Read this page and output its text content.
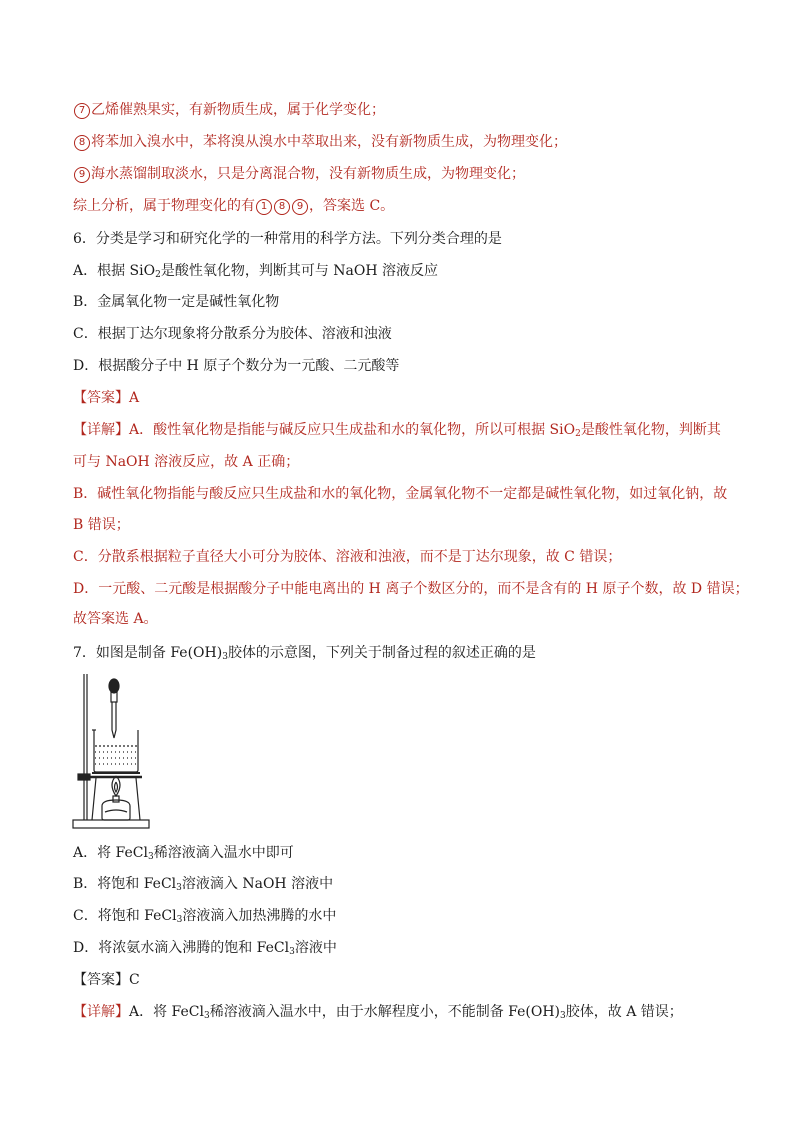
7 乙烯催熟果实，有新物质生成，属于化学变化；
8 将苯加入溴水中，苯将溴从溴水中萃取出来，没有新物质生成，为物理变化；
9 海水蒸馏制取淡水，只是分离混合物，没有新物质生成，为物理变化；
综上分析，属于物理变化的有 1 8 9 ，答案选 C。
6．分类是学习和研究化学的一种常用的科学方法。下列分类合理的是
A．根据 SiO$_2$是酸性氧化物，判断其可与 NaOH 溶液反应
B．金属氧化物一定是碱性氧化物
C．根据丁达尔现象将分散系分为胶体、溶液和浊液
D．根据酸分子中 H 原子个数分为一元酸、二元酸等
【答案】A
【详解】A．酸性氧化物是指能与碱反应只生成盐和水的氧化物，所以可根据 SiO$_2$是酸性氧化物，判断其
可与 NaOH 溶液反应，故 A 正确；
B．碱性氧化物指能与酸反应只生成盐和水的氧化物，金属氧化物不一定都是碱性氧化物，如过氧化钠，故
B 错误；
C．分散系根据粒子直径大小可分为胶体、溶液和浊液，而不是丁达尔现象，故 C 错误；
D．一元酸、二元酸是根据酸分子中能电离出的 H 离子个数区分的，而不是含有的 H 原子个数，故 D 错误；
故答案选 A。
7．如图是制备 $Fe(OH)_3$胶体的示意图，下列关于制备过程的叙述正确的是
A．将 FeCl$_3$稀溶液滴入温水中即可
B．将饱和 FeCl$_3$溶液滴入 NaOH 溶液中
C．将饱和 FeCl$_3$溶液滴入加热沸腾的水中
D．将浓氨水滴入沸腾的饱和 FeCl$_3$溶液中
【答案】C
【详解】A．将 FeCl$_3$稀溶液滴入温水中，由于水解程度小，不能制备 $Fe(OH)_3$胶体，故 A 错误；
